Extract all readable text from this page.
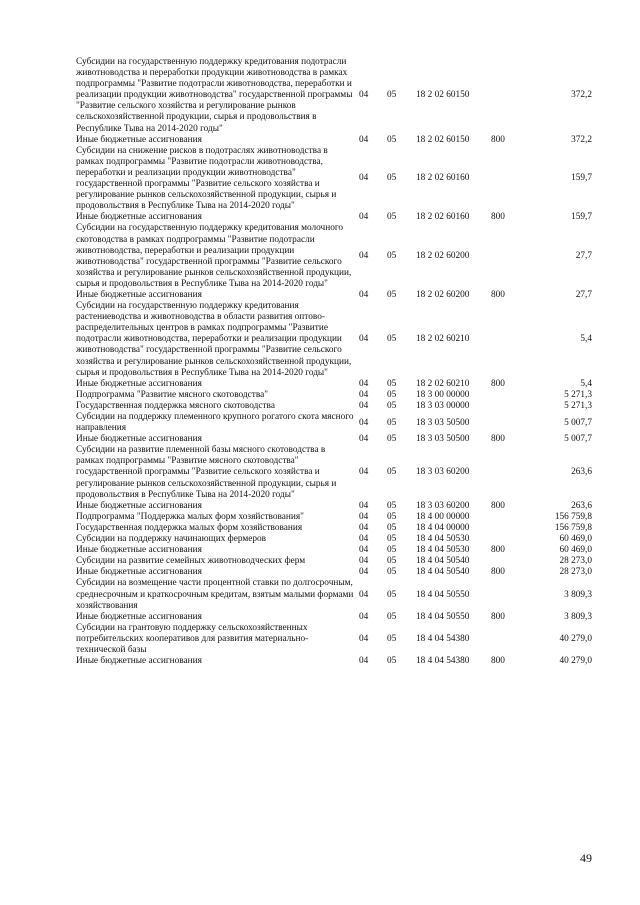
Субсидии на государственную поддержку кредитования подотрасли животноводства и переработки продукции животноводства в рамках подпрограммы "Развитие подотрасли животноводства, переработки и реализации продукции животноводства" государственной программы "Развитие сельского хозяйства и регулирование рынков сельскохозяйственной продукции, сырья и продовольствия в Республике Тыва на 2014-2020 годы"	04	05	18 2 02 60150		372,2
Иные бюджетные ассигнования	04	05	18 2 02 60150	800	372,2
Субсидии на снижение рисков в подотраслях животноводства в рамках подпрограммы "Развитие подотрасли животноводства, переработки и реализации продукции животноводства" государственной программы "Развитие сельского хозяйства и регулирование рынков сельскохозяйственной продукции, сырья и продовольствия в Республике Тыва на 2014-2020 годы"	04	05	18 2 02 60160		159,7
Иные бюджетные ассигнования	04	05	18 2 02 60160	800	159,7
Субсидии на государственную поддержку кредитования молочного скотоводства в рамках подпрограммы "Развитие подотрасли животноводства, переработки и реализации продукции животноводства" государственной программы "Развитие сельского хозяйства и регулирование рынков сельскохозяйственной продукции, сырья и продовольствия в Республике Тыва на 2014-2020 годы"	04	05	18 2 02 60200		27,7
Иные бюджетные ассигнования	04	05	18 2 02 60200	800	27,7
Субсидии на государственную поддержку кредитования растениеводства и животноводства в области развития оптово-распределительных центров в рамках подпрограммы "Развитие подотрасли животноводства, переработки и реализации продукции животноводства" государственной программы "Развитие сельского хозяйства и регулирование рынков сельскохозяйственной продукции, сырья и продовольствия в Республике Тыва на 2014-2020 годы"	04	05	18 2 02 60210		5,4
Иные бюджетные ассигнования	04	05	18 2 02 60210	800	5,4
Подпрограмма "Развитие мясного скотоводства"	04	05	18 3 00 00000		5 271,3
Государственная поддержка мясного скотоводства	04	05	18 3 03 00000		5 271,3
Субсидии на поддержку племенного крупного рогатого скота мясного направления	04	05	18 3 03 50500		5 007,7
Иные бюджетные ассигнования	04	05	18 3 03 50500	800	5 007,7
Субсидии на развитие племенной базы мясного скотоводства в рамках подпрограммы "Развитие мясного скотоводства" государственной программы "Развитие сельского хозяйства и регулирование рынков сельскохозяйственной продукции, сырья и продовольствия в Республике Тыва на 2014-2020 годы"	04	05	18 3 03 60200		263,6
Иные бюджетные ассигнования	04	05	18 3 03 60200	800	263,6
Подпрограмма "Поддержка малых форм хозяйствования"	04	05	18 4 00 00000		156 759,8
Государственная поддержка малых форм хозяйствования	04	05	18 4 04 00000		156 759,8
Субсидии на поддержку начинающих фермеров	04	05	18 4 04 50530		60 469,0
Иные бюджетные ассигнования	04	05	18 4 04 50530	800	60 469,0
Субсидии на развитие семейных животноводческих ферм	04	05	18 4 04 50540		28 273,0
Иные бюджетные ассигнования	04	05	18 4 04 50540	800	28 273,0
Субсидии на возмещение части процентной ставки по долгосрочным, среднесрочным и краткосрочным кредитам, взятым малыми формами хозяйствования	04	05	18 4 04 50550		3 809,3
Иные бюджетные ассигнования	04	05	18 4 04 50550	800	3 809,3
Субсидии на грантовую поддержку сельскохозяйственных потребительских кооперативов для развития материально-технической базы	04	05	18 4 04 54380		40 279,0
Иные бюджетные ассигнования	04	05	18 4 04 54380	800	40 279,0
49
